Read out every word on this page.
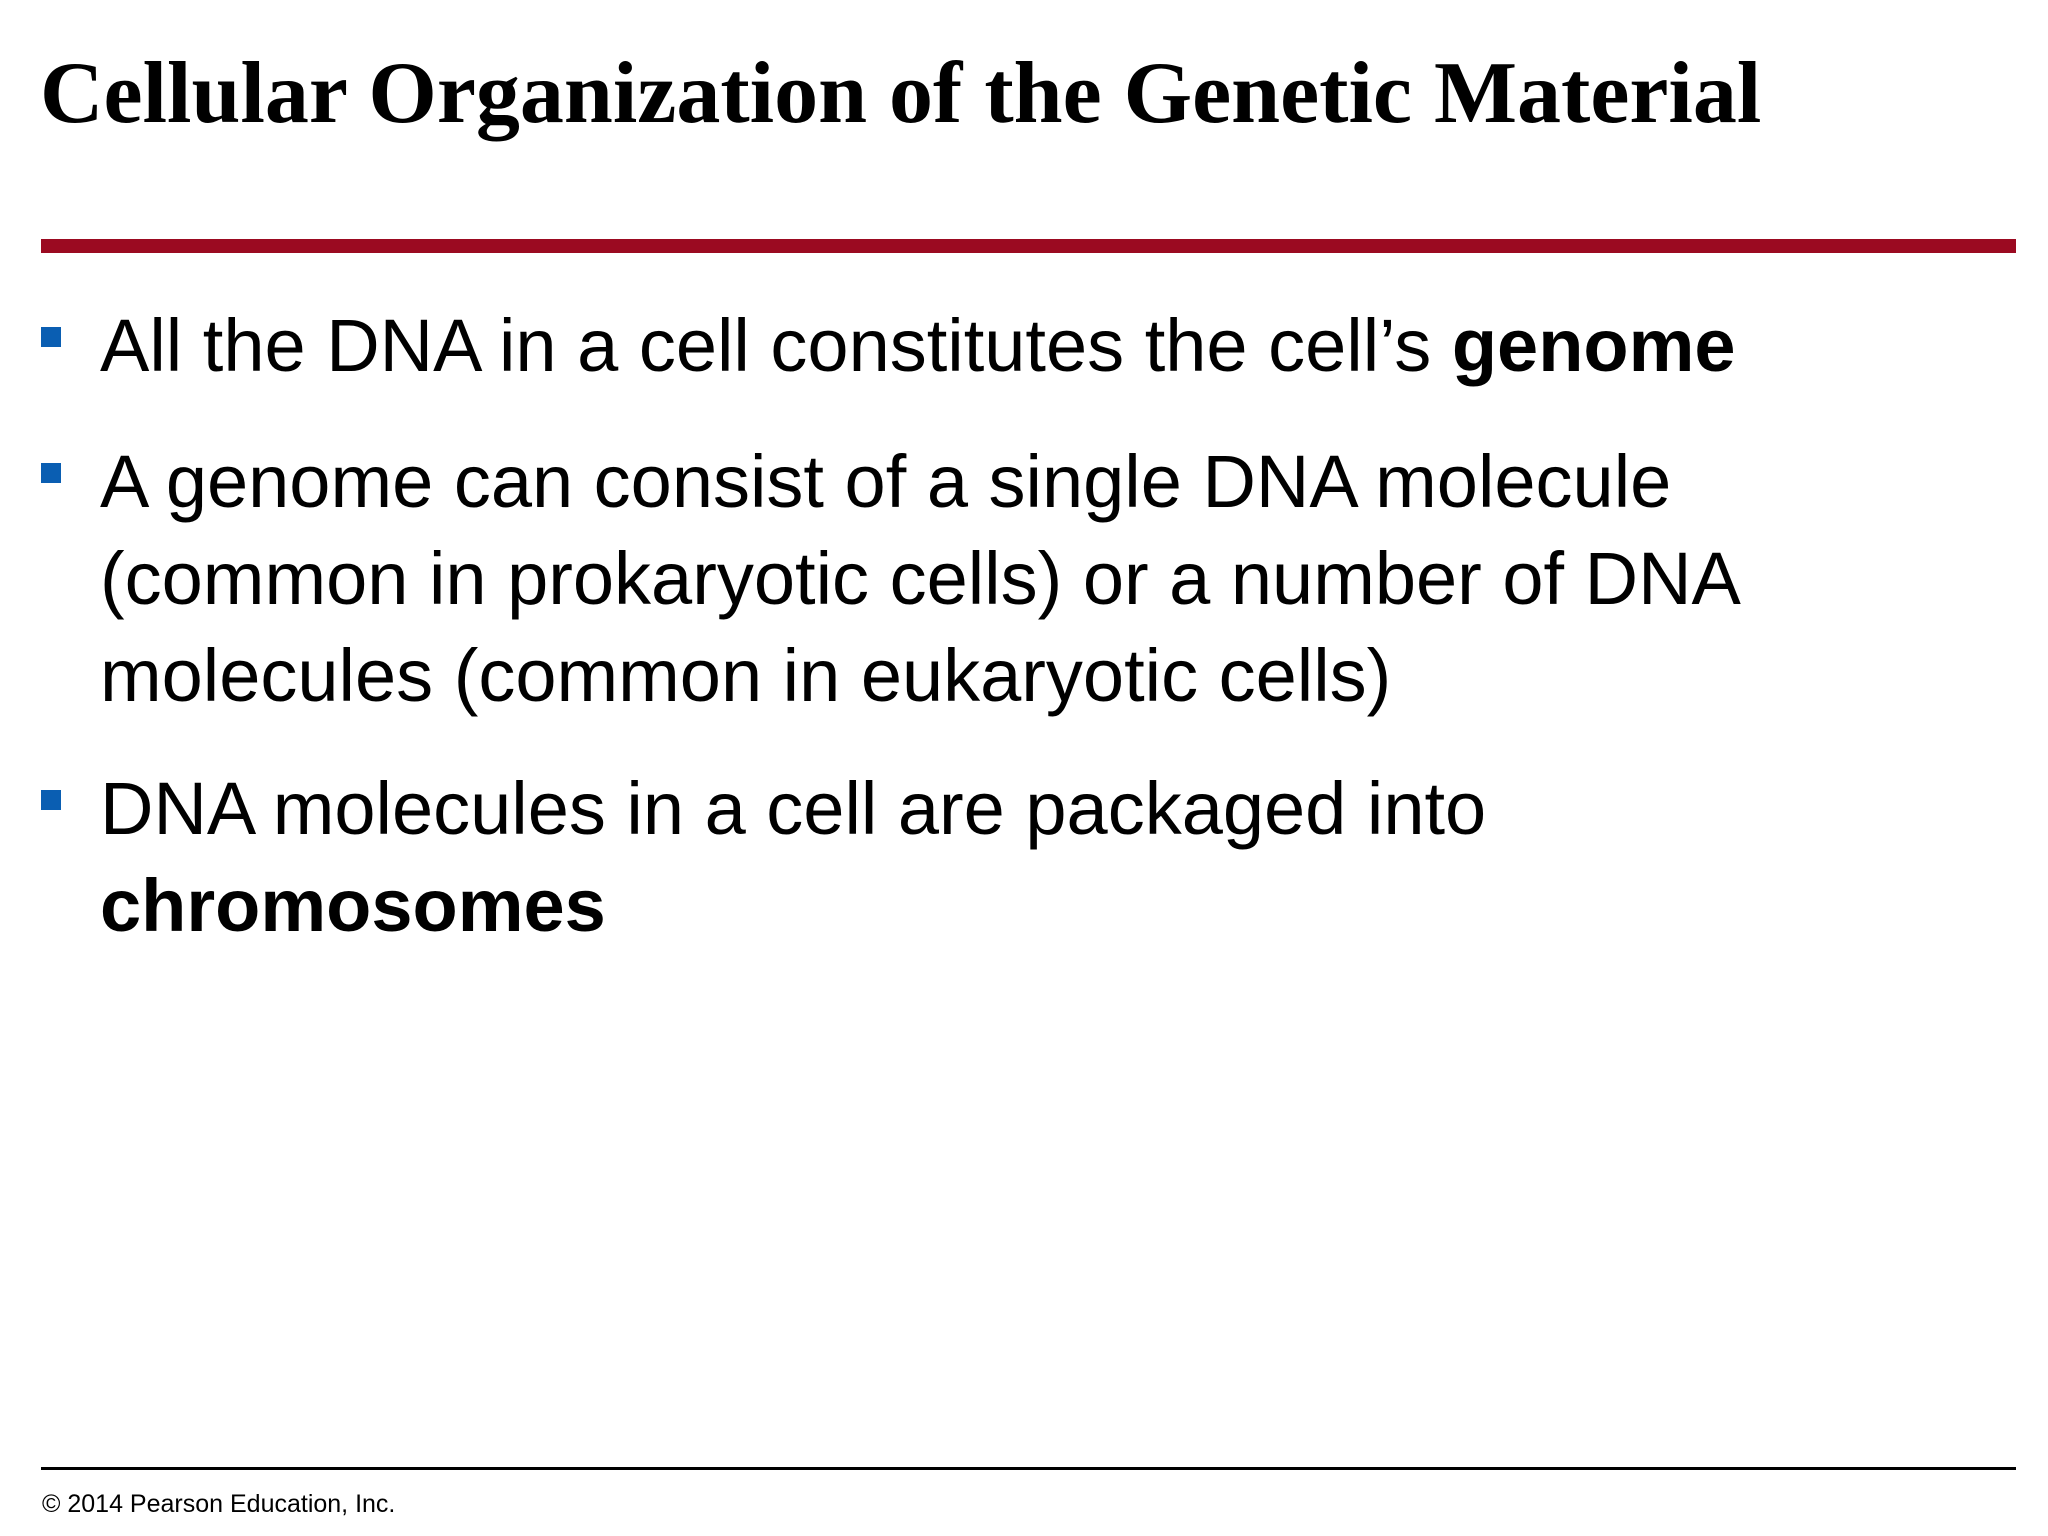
Cellular Organization of the Genetic Material
All the DNA in a cell constitutes the cell’s genome
A genome can consist of a single DNA molecule (common in prokaryotic cells) or a number of DNA molecules (common in eukaryotic cells)
DNA molecules in a cell are packaged into
chromosomes
© 2014 Pearson Education, Inc.
